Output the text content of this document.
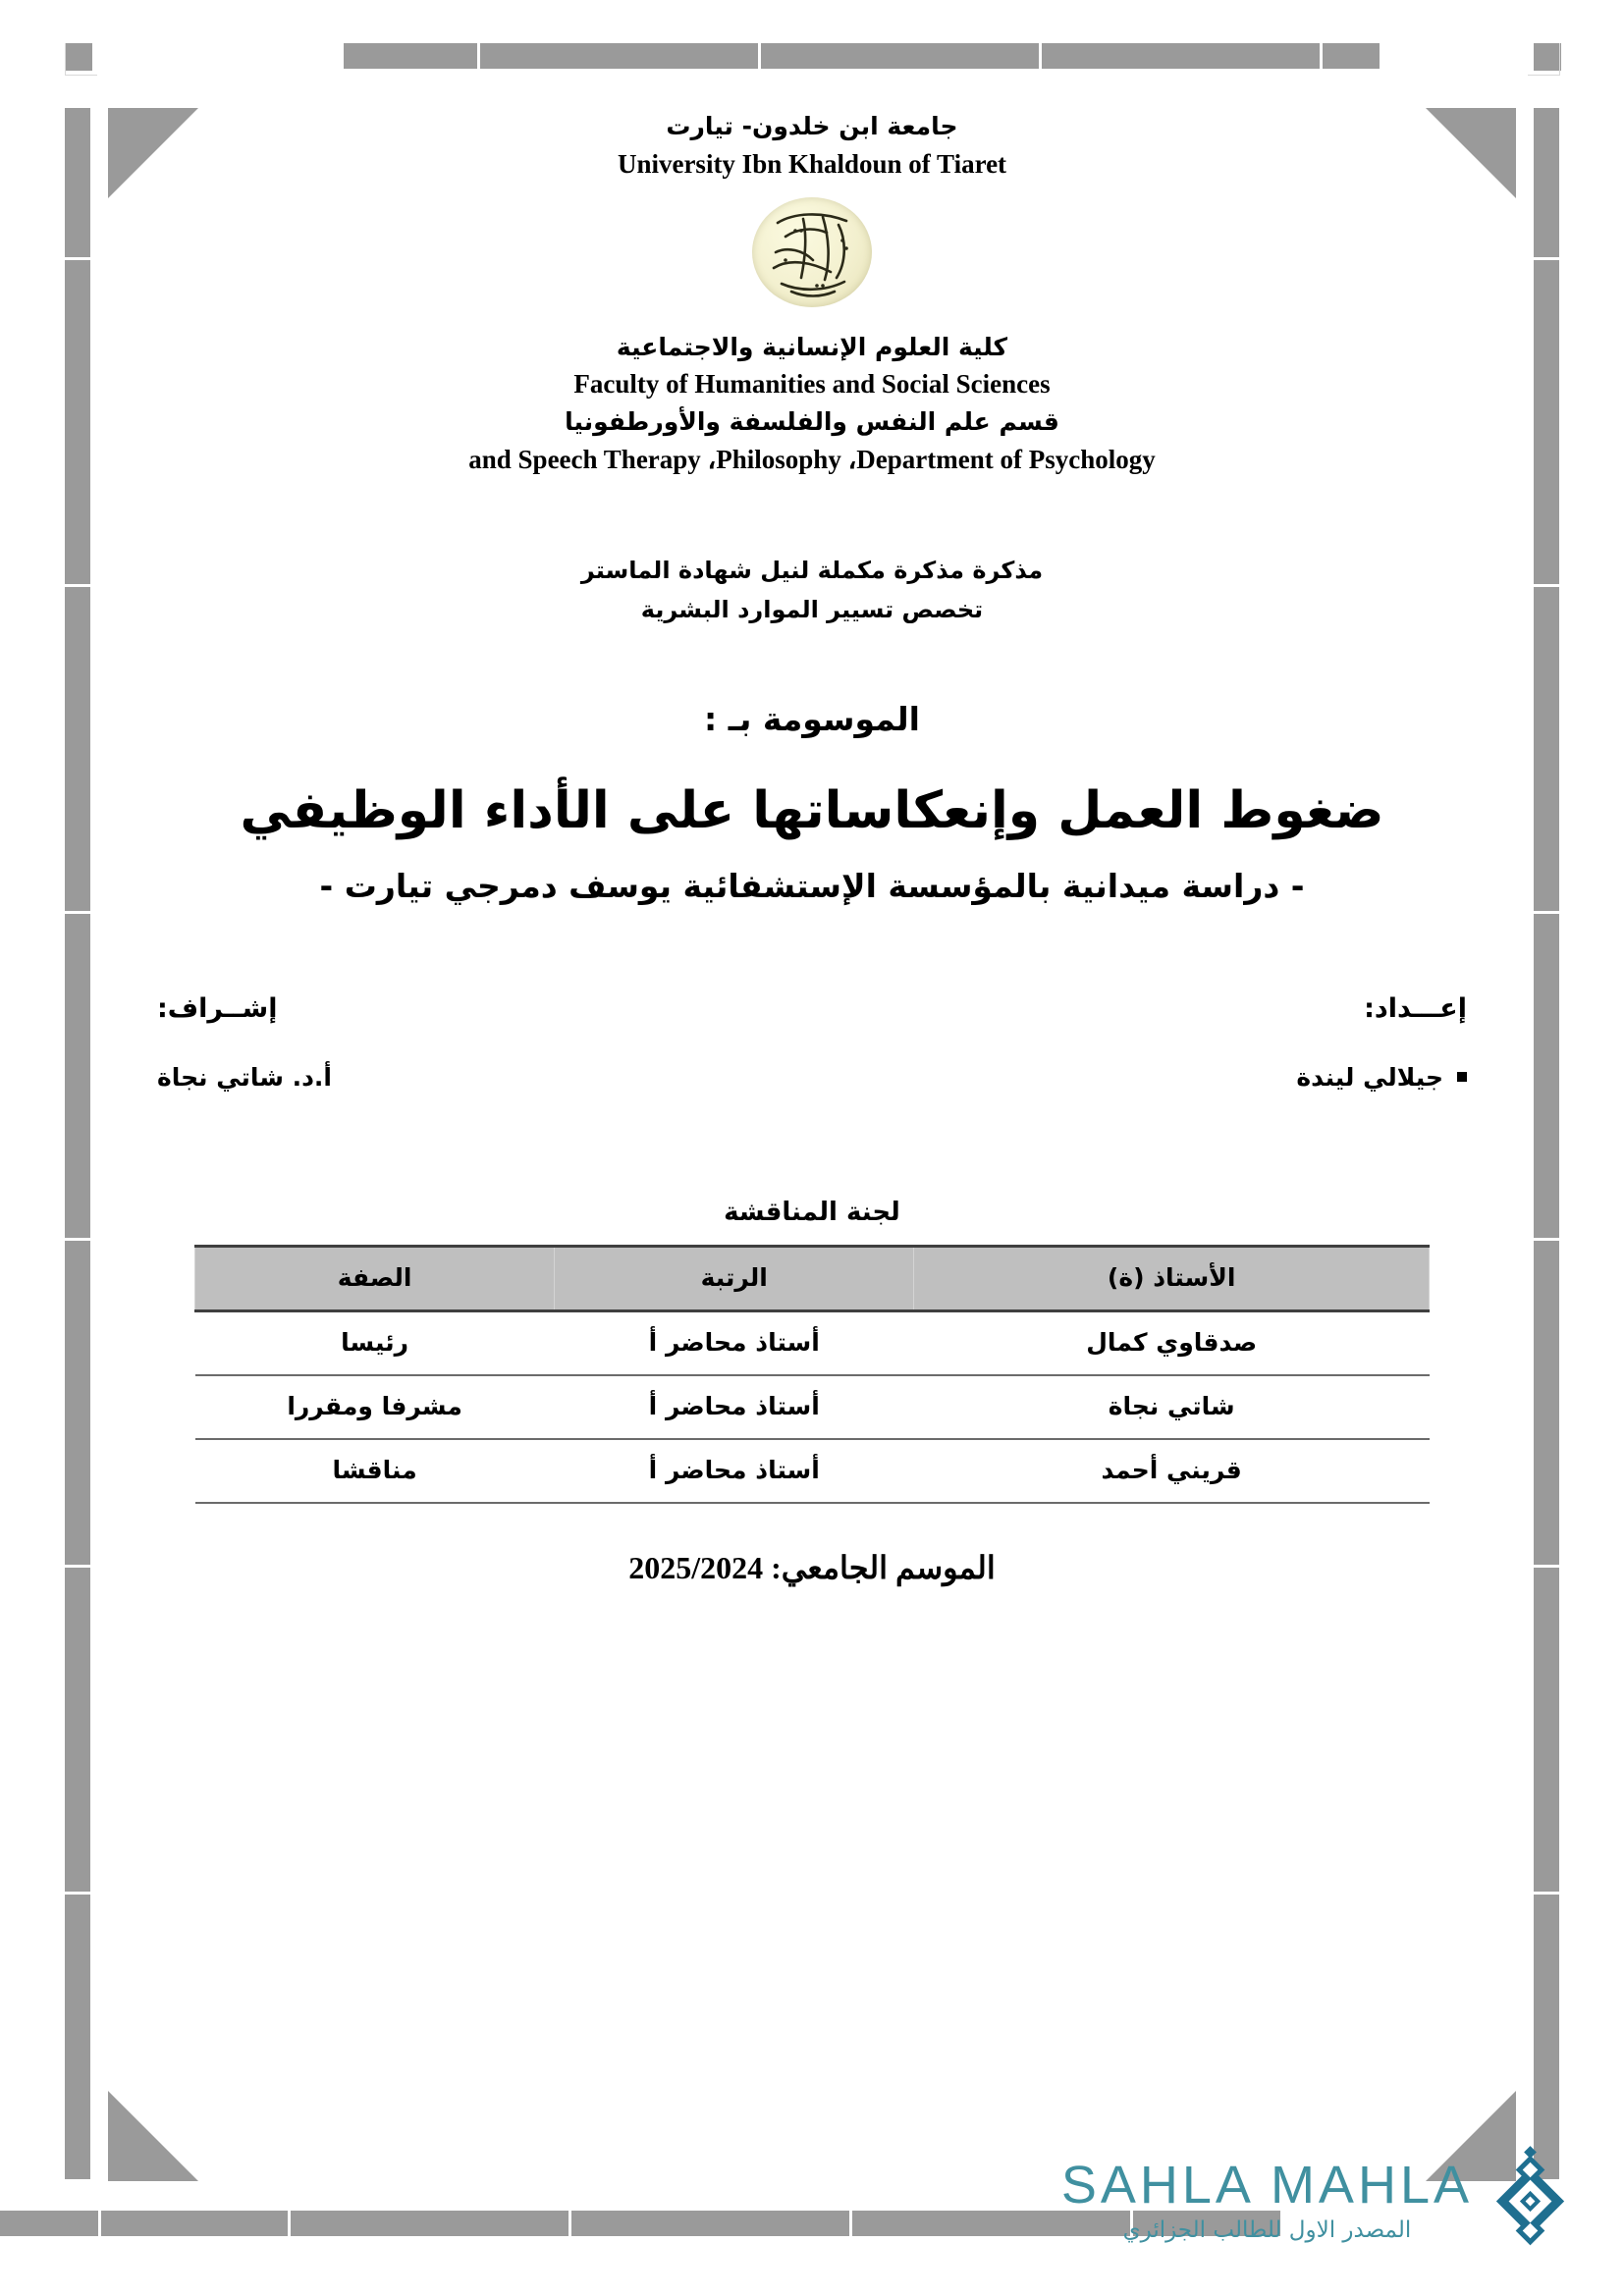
جامعة ابن خلدون- تيارت
University Ibn Khaldoun of Tiaret
كلية العلوم الإنسانية والاجتماعية
Faculty of Humanities and Social Sciences
قسم علم النفس والفلسفة والأورطفونيا
and Speech Therapy ،Philosophy ،Department of Psychology
مذكرة مذكرة مكملة لنيل شهادة الماستر
تخصص تسيير الموارد البشرية
الموسومة بـ :
ضغوط العمل وإنعكاساتها على الأداء الوظيفي
- دراسة ميدانية بالمؤسسة الإستشفائية يوسف دمرجي تيارت -
إعـــداد:
جيلالي ليندة
إشــراف:
أ.د. شاتي نجاة
لجنة المناقشة
الأستاذ (ة)	الرتبة	الصفة
صدقاوي كمال	أستاذ محاضر أ	رئيسا
شاتي نجاة	أستاذ محاضر أ	مشرفا ومقررا
قريني أحمد	أستاذ محاضر أ	مناقشا
الموسم الجامعي: 2025/2024
SAHLA MAHLA
المصدر الاول للطالب الجزائري
